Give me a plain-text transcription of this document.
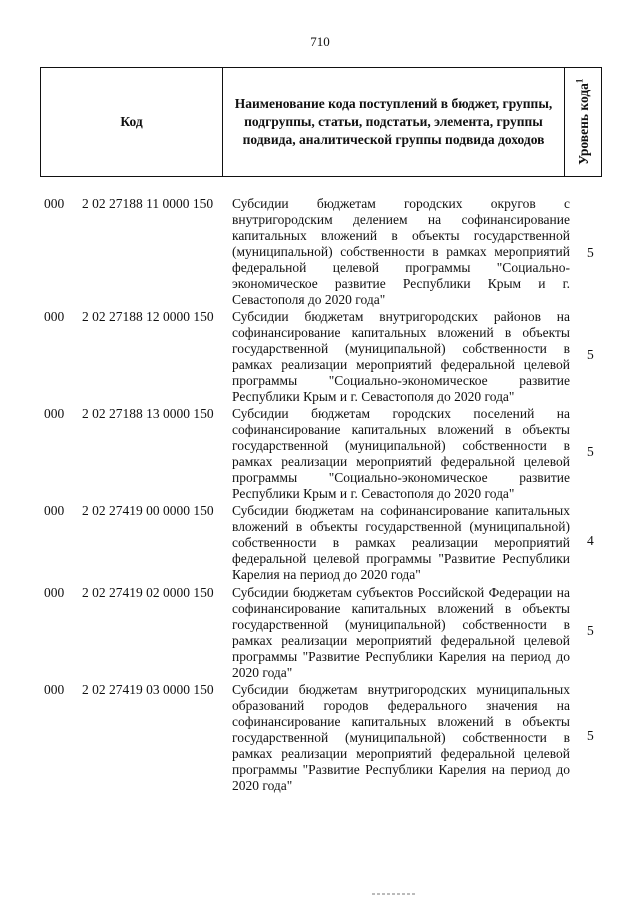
710
Код
Наименование кода поступлений в бюджет, группы, подгруппы, статьи, подстатьи, элемента, группы подвида, аналитической группы подвида доходов	Уровень кода$^1$
000 2 02 27188 11 0000 150 Субсидии бюджетам городских округов с внутригородским делением на софинансирование капитальных вложений в объекты государственной (муниципальной) собственности в рамках мероприятий федеральной целевой программы "Социально-экономическое развитие Республики Крым и г. Севастополя до 2020 года"
5
000 2 02 27188 12 0000 150 Субсидии бюджетам внутригородских районов на софинансирование капитальных вложений в объекты государственной (муниципальной) собственности в рамках реализации мероприятий федеральной целевой программы "Социально-экономическое развитие Республики Крым и г. Севастополя до 2020 года"
5
000 2 02 27188 13 0000 150 Субсидии бюджетам городских поселений на софинансирование капитальных вложений в объекты государственной (муниципальной) собственности в рамках реализации мероприятий федеральной целевой программы "Социально-экономическое развитие Республики Крым и г. Севастополя до 2020 года"
5
000 2 02 27419 00 0000 150 Субсидии бюджетам на софинансирование капитальных вложений в объекты государственной (муниципальной) собственности в рамках реализации мероприятий федеральной целевой программы "Развитие Республики Карелия на период до 2020 года"
4
000 2 02 27419 02 0000 150 Субсидии бюджетам субъектов Российской Федерации на софинансирование капитальных вложений в объекты государственной (муниципальной) собственности в рамках реализации мероприятий федеральной целевой программы "Развитие Республики Карелия на период до 2020 года"
5
000 2 02 27419 03 0000 150 Субсидии бюджетам внутригородских муниципальных образований городов федерального значения на софинансирование капитальных вложений в объекты государственной (муниципальной) собственности в рамках реализации мероприятий федеральной целевой программы "Развитие Республики Карелия на период до 2020 года"
5
